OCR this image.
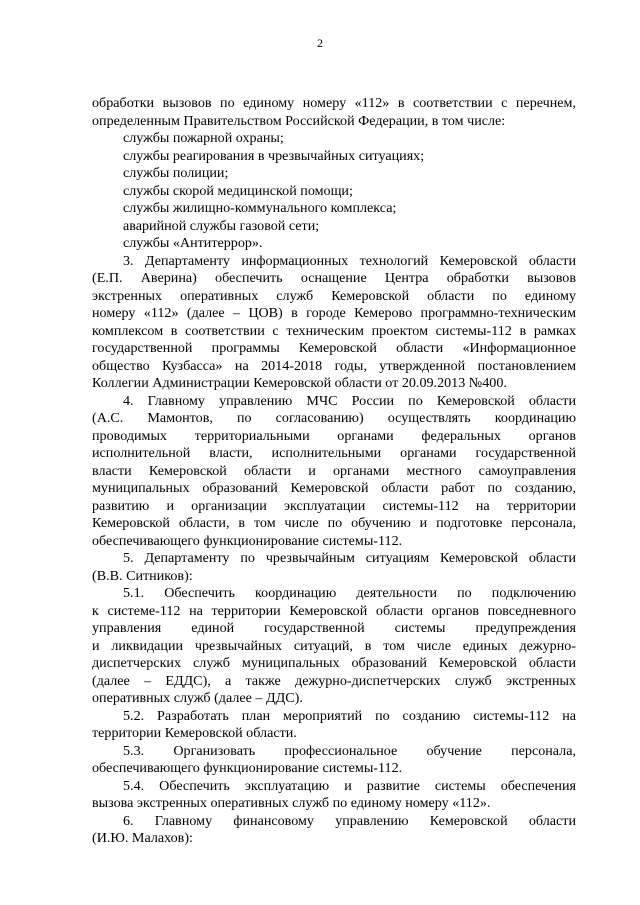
2
обработки вызовов по единому номеру «112» в соответствии с перечнем,
определенным Правительством Российской Федерации, в том числе:
службы пожарной охраны;
службы реагирования в чрезвычайных ситуациях;
службы полиции;
службы скорой медицинской помощи;
службы жилищно-коммунального комплекса;
аварийной службы газовой сети;
службы «Антитеррор».
3. Департаменту информационных технологий Кемеровской области
(Е.П. Аверина) обеспечить оснащение Центра обработки вызовов
экстренных оперативных служб Кемеровской области по единому
номеру «112» (далее – ЦОВ) в городе Кемерово программно-техническим
комплексом в соответствии с техническим проектом системы-112 в рамках
государственной программы Кемеровской области «Информационное
общество Кузбасса» на 2014-2018 годы, утвержденной постановлением
Коллегии Администрации Кемеровской области от 20.09.2013 №400.
4. Главному управлению МЧС России по Кемеровской области
(А.С. Мамонтов, по согласованию) осуществлять координацию
проводимых территориальными органами федеральных органов
исполнительной власти, исполнительными органами государственной
власти Кемеровской области и органами местного самоуправления
муниципальных образований Кемеровской области работ по созданию,
развитию и организации эксплуатации системы-112 на территории
Кемеровской области, в том числе по обучению и подготовке персонала,
обеспечивающего функционирование системы-112.
5. Департаменту по чрезвычайным ситуациям Кемеровской области
(В.В. Ситников):
5.1. Обеспечить координацию деятельности по подключению
к системе-112 на территории Кемеровской области органов повседневного
управления единой государственной системы предупреждения
и ликвидации чрезвычайных ситуаций, в том числе единых дежурно-
диспетчерских служб муниципальных образований Кемеровской области
(далее – ЕДДС), а также дежурно-диспетчерских служб экстренных
оперативных служб (далее – ДДС).
5.2. Разработать план мероприятий по созданию системы-112 на
территории Кемеровской области.
5.3. Организовать профессиональное обучение персонала,
обеспечивающего функционирование системы-112.
5.4. Обеспечить эксплуатацию и развитие системы обеспечения
вызова экстренных оперативных служб по единому номеру «112».
6. Главному финансовому управлению Кемеровской области
(И.Ю. Малахов):
